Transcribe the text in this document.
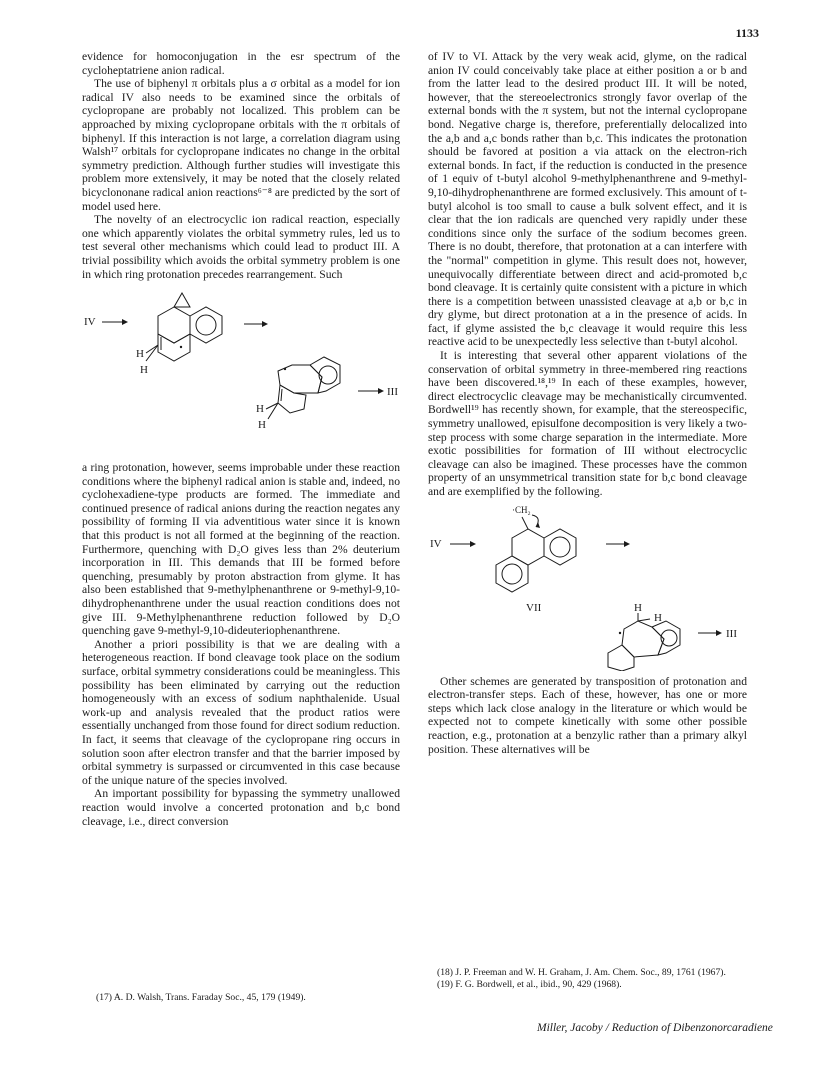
1133

evidence for homoconjugation in the esr spectrum of the cycloheptatriene anion radical.

The use of biphenyl π orbitals plus a σ orbital as a model for ion radical IV also needs to be examined since the orbitals of cyclopropane are probably not localized. This problem can be approached by mixing cyclopropane orbitals with the π orbitals of biphenyl. If this interaction is not large, a correlation diagram using Walsh¹⁷ orbitals for cyclopropane indicates no change in the orbital symmetry prediction. Although further studies will investigate this problem more extensively, it may be noted that the closely related bicyclononane radical anion reactions⁶⁻⁸ are predicted by the sort of model used here.

The novelty of an electrocyclic ion radical reaction, especially one which apparently violates the orbital symmetry rules, led us to test several other mechanisms which could lead to product III. A trivial possibility which avoids the orbital symmetry problem is one in which ring protonation precedes rearrangement. Such

IV
H
H
H
H
III

a ring protonation, however, seems improbable under these reaction conditions where the biphenyl radical anion is stable and, indeed, no cyclohexadiene-type products are formed. The immediate and continued presence of radical anions during the reaction negates any possibility of forming II via adventitious water since it is known that this product is not all formed at the beginning of the reaction. Furthermore, quenching with D₂O gives less than 2% deuterium incorporation in III. This demands that III be formed before quenching, presumably by proton abstraction from glyme. It has also been established that 9-methylphenanthrene or 9-methyl-9,10-dihydrophenanthrene under the usual reaction conditions does not give III. 9-Methylphenanthrene reduction followed by D₂O quenching gave 9-methyl-9,10-dideuteriophenanthrene.

Another a priori possibility is that we are dealing with a heterogeneous reaction. If bond cleavage took place on the sodium surface, orbital symmetry considerations could be meaningless. This possibility has been eliminated by carrying out the reduction homogeneously with an excess of sodium naphthalenide. Usual work-up and analysis revealed that the product ratios were essentially unchanged from those found for direct sodium reduction. In fact, it seems that cleavage of the cyclopropane ring occurs in solution soon after electron transfer and that the barrier imposed by orbital symmetry is surpassed or circumvented in this case because of the unique nature of the species involved.

An important possibility for bypassing the symmetry unallowed reaction would involve a concerted protonation and b,c bond cleavage, i.e., direct conversion

of IV to VI. Attack by the very weak acid, glyme, on the radical anion IV could conceivably take place at either position a or b and from the latter lead to the desired product III. It will be noted, however, that the stereoelectronics strongly favor overlap of the external bonds with the π system, but not the internal cyclopropane bond. Negative charge is, therefore, preferentially delocalized into the a,b and a,c bonds rather than b,c. This indicates the protonation should be favored at position a via attack on the electron-rich external bonds. In fact, if the reduction is conducted in the presence of 1 equiv of t-butyl alcohol 9-methylphenanthrene and 9-methyl-9,10-dihydrophenanthrene are formed exclusively. This amount of t-butyl alcohol is too small to cause a bulk solvent effect, and it is clear that the ion radicals are quenched very rapidly under these conditions since only the surface of the sodium becomes green. There is no doubt, therefore, that protonation at a can interfere with the "normal" competition in glyme. This result does not, however, unequivocally differentiate between direct and acid-promoted b,c bond cleavage. It is certainly quite consistent with a picture in which there is a competition between unassisted cleavage at a,b or b,c in dry glyme, but direct protonation at a in the presence of acids. In fact, if glyme assisted the b,c cleavage it would require this less reactive acid to be unexpectedly less selective than t-butyl alcohol.

It is interesting that several other apparent violations of the conservation of orbital symmetry in three-membered ring reactions have been discovered.¹⁸,¹⁹ In each of these examples, however, direct electrocyclic cleavage may be mechanistically circumvented. Bordwell¹⁹ has recently shown, for example, that the stereospecific, symmetry unallowed, episulfone decomposition is very likely a two-step process with some charge separation in the intermediate. More exotic possibilities for formation of III without electrocyclic cleavage can also be imagined. These processes have the common property of an unsymmetrical transition state for b,c bond cleavage and are exemplified by the following.

IV
·CH₂
VII	H
H
III

Other schemes are generated by transposition of protonation and electron-transfer steps. Each of these, however, has one or more steps which lack close analogy in the literature or which would be expected not to compete kinetically with some other possible reaction, e.g., protonation at a benzylic rather than a primary alkyl position. These alternatives will be

(17) A. D. Walsh, Trans. Faraday Soc., 45, 179 (1949).
(18) J. P. Freeman and W. H. Graham, J. Am. Chem. Soc., 89, 1761 (1967).
(19) F. G. Bordwell, et al., ibid., 90, 429 (1968).
Miller, Jacoby / Reduction of Dibenzonorcaradiene
